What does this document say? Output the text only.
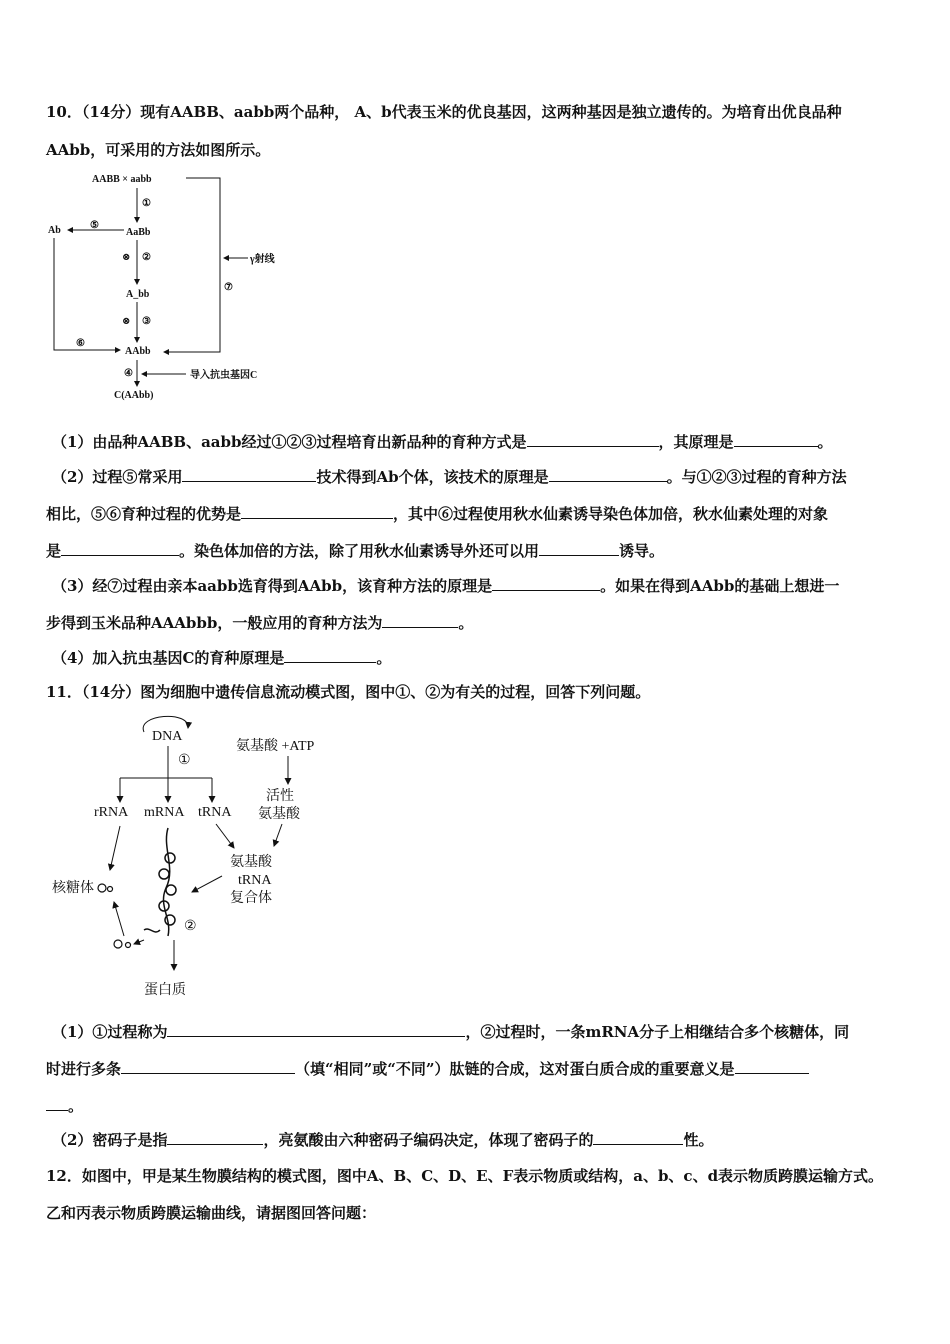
10．（14分）现有AABB、aabb两个品种， A、b代表玉米的优良基因，这两种基因是独立遗传的。为培育出优良品种
AAbb，可采用的方法如图所示。
AABB × aabb
Ab	AaBb
A_bb
AAbb
C(AAbb)
①
⊗ ②
⊗ ③
④
⑤
⑥
⑦
γ射线
导入抗虫基因C
（1）由品种AABB、aabb经过①②③过程培育出新品种的育种方式是	，其原理是	。
（2）过程⑤常采用	技术得到Ab个体，该技术的原理是	。与①②③过程的育种方法
相比，⑤⑥育种过程的优势是	，其中⑥过程使用秋水仙素诱导染色体加倍，秋水仙素处理的对象
是	。染色体加倍的方法，除了用秋水仙素诱导外还可以用	诱导。
（3）经⑦过程由亲本aabb选育得到AAbb，该育种方法的原理是	。如果在得到AAbb的基础上想进一
步得到玉米品种AAAbbb，一般应用的育种方法为	。
（4）加入抗虫基因C的育种原理是	。
11．（14分）图为细胞中遗传信息流动模式图，图中①、②为有关的过程，回答下列问题。
DNA
①
氨基酸 +ATP
rRNA mRNA tRNA
活性
氨基酸
氨基酸
tRNA
复合体
核糖体
②
蛋白质
（1）①过程称为	，②过程时，一条mRNA分子上相继结合多个核糖体，同
时进行多条	（填“相同”或“不同”）肽链的合成，这对蛋白质合成的重要意义是
。
（2）密码子是指	，亮氨酸由六种密码子编码决定，体现了密码子的	性。
12．如图中，甲是某生物膜结构的模式图，图中A、B、C、D、E、F表示物质或结构，a、b、c、d表示物质跨膜运输方式。
乙和丙表示物质跨膜运输曲线，请据图回答问题：
